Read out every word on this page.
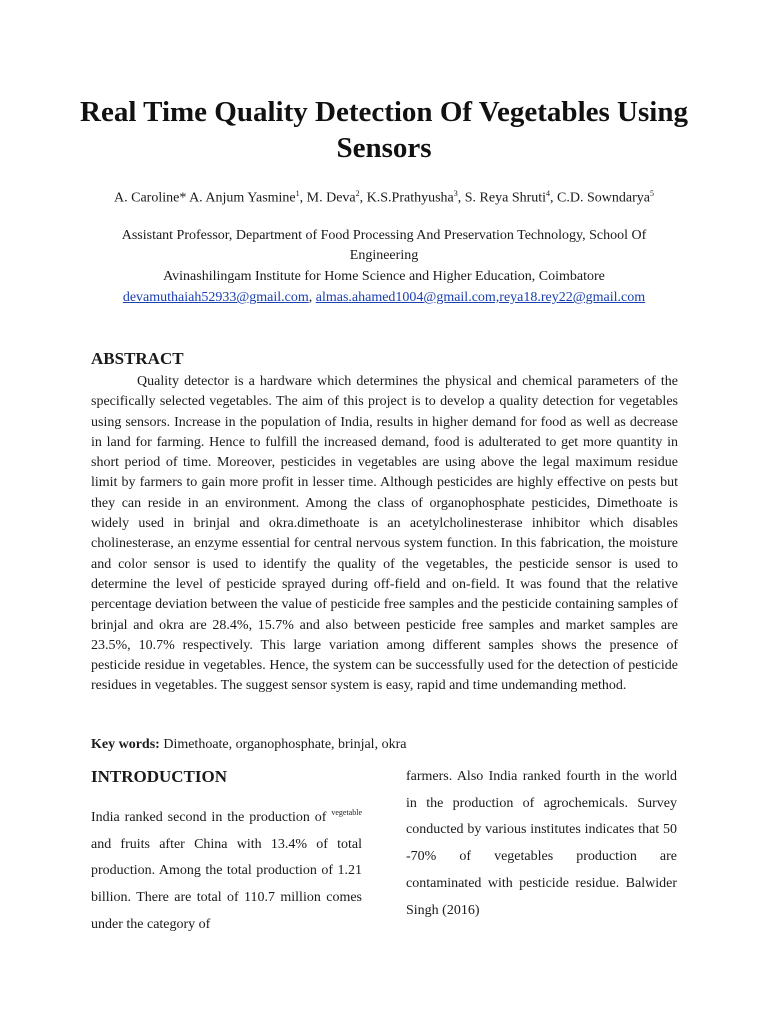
Real Time Quality Detection Of Vegetables Using Sensors
A. Caroline* A. Anjum Yasmine$^1$, M. Deva$^2$, K.S.Prathyusha$^3$, S. Reya Shruti$^4$, C.D. Sowndarya$^5$
Assistant Professor, Department of Food Processing And Preservation Technology, School Of Engineering
Avinashilingam Institute for Home Science and Higher Education, Coimbatore
devamuthaiah52933@gmail.com, almas.ahamed1004@gmail.com,reya18.rey22@gmail.com
ABSTRACT
Quality detector is a hardware which determines the physical and chemical parameters of the specifically selected vegetables. The aim of this project is to develop a quality detection for vegetables using sensors. Increase in the population of India, results in higher demand for food as well as decrease in land for farming. Hence to fulfill the increased demand, food is adulterated to get more quantity in short period of time. Moreover, pesticides in vegetables are using above the legal maximum residue limit by farmers to gain more profit in lesser time. Although pesticides are highly effective on pests but they can reside in an environment. Among the class of organophosphate pesticides, Dimethoate is widely used in brinjal and okra.dimethoate is an acetylcholinesterase inhibitor which disables cholinesterase, an enzyme essential for central nervous system function. In this fabrication, the moisture and color sensor is used to identify the quality of the vegetables, the pesticide sensor is used to determine the level of pesticide sprayed during off-field and on-field. It was found that the relative percentage deviation between the value of pesticide free samples and the pesticide containing samples of brinjal and okra are 28.4%, 15.7% and also between pesticide free samples and market samples are 23.5%, 10.7% respectively. This large variation among different samples shows the presence of pesticide residue in vegetables. Hence, the system can be successfully used for the detection of pesticide residues in vegetables. The suggest sensor system is easy, rapid and time undemanding method.
Key words: Dimethoate, organophosphate, brinjal, okra
INTRODUCTION

India ranked second in the production of $^{vegetable}$ and fruits after China with 13.4% of total production. Among the total production of 1.21 billion. There are total of 110.7 million comes under the category of

farmers. Also India ranked fourth in the world in the production of agrochemicals. Survey conducted by various institutes indicates that 50 -70% of vegetables production are contaminated with pesticide residue. Balwider Singh (2016)
